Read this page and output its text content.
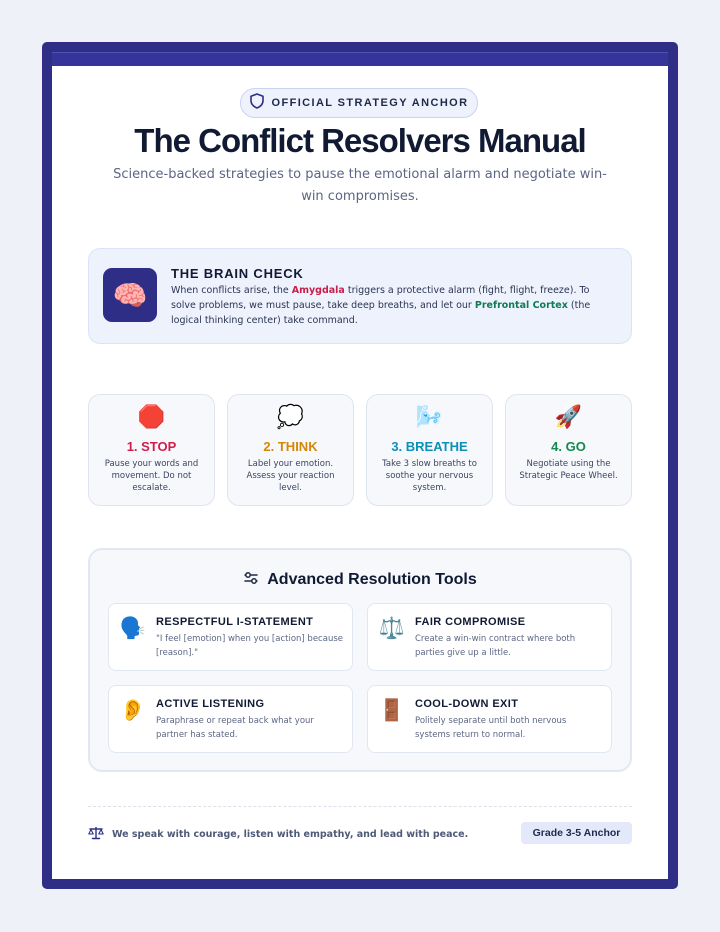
OFFICIAL STRATEGY ANCHOR
The Conflict Resolvers Manual
Science-backed strategies to pause the emotional alarm and negotiate win-win compromises.
🧠
THE BRAIN CHECK
When conflicts arise, the Amygdala triggers a protective alarm (fight, flight, freeze). To solve problems, we must pause, take deep breaths, and let our Prefrontal Cortex (the logical thinking center) take command.
🛑
1. STOP
Pause your words and movement. Do not escalate.
💭
2. THINK
Label your emotion. Assess your reaction level.
🌬️
3. BREATHE
Take 3 slow breaths to soothe your nervous system.
🚀
4. GO
Negotiate using the Strategic Peace Wheel.
Advanced Resolution Tools
🗣️ RESPECTFUL I-STATEMENT
"I feel [emotion] when you [action] because [reason]."
⚖️ FAIR COMPROMISE
Create a win-win contract where both parties give up a little.
👂 ACTIVE LISTENING
Paraphrase or repeat back what your partner has stated.
🚪 COOL-DOWN EXIT
Politely separate until both nervous systems return to normal.
We speak with courage, listen with empathy, and lead with peace.	Grade 3-5 Anchor
